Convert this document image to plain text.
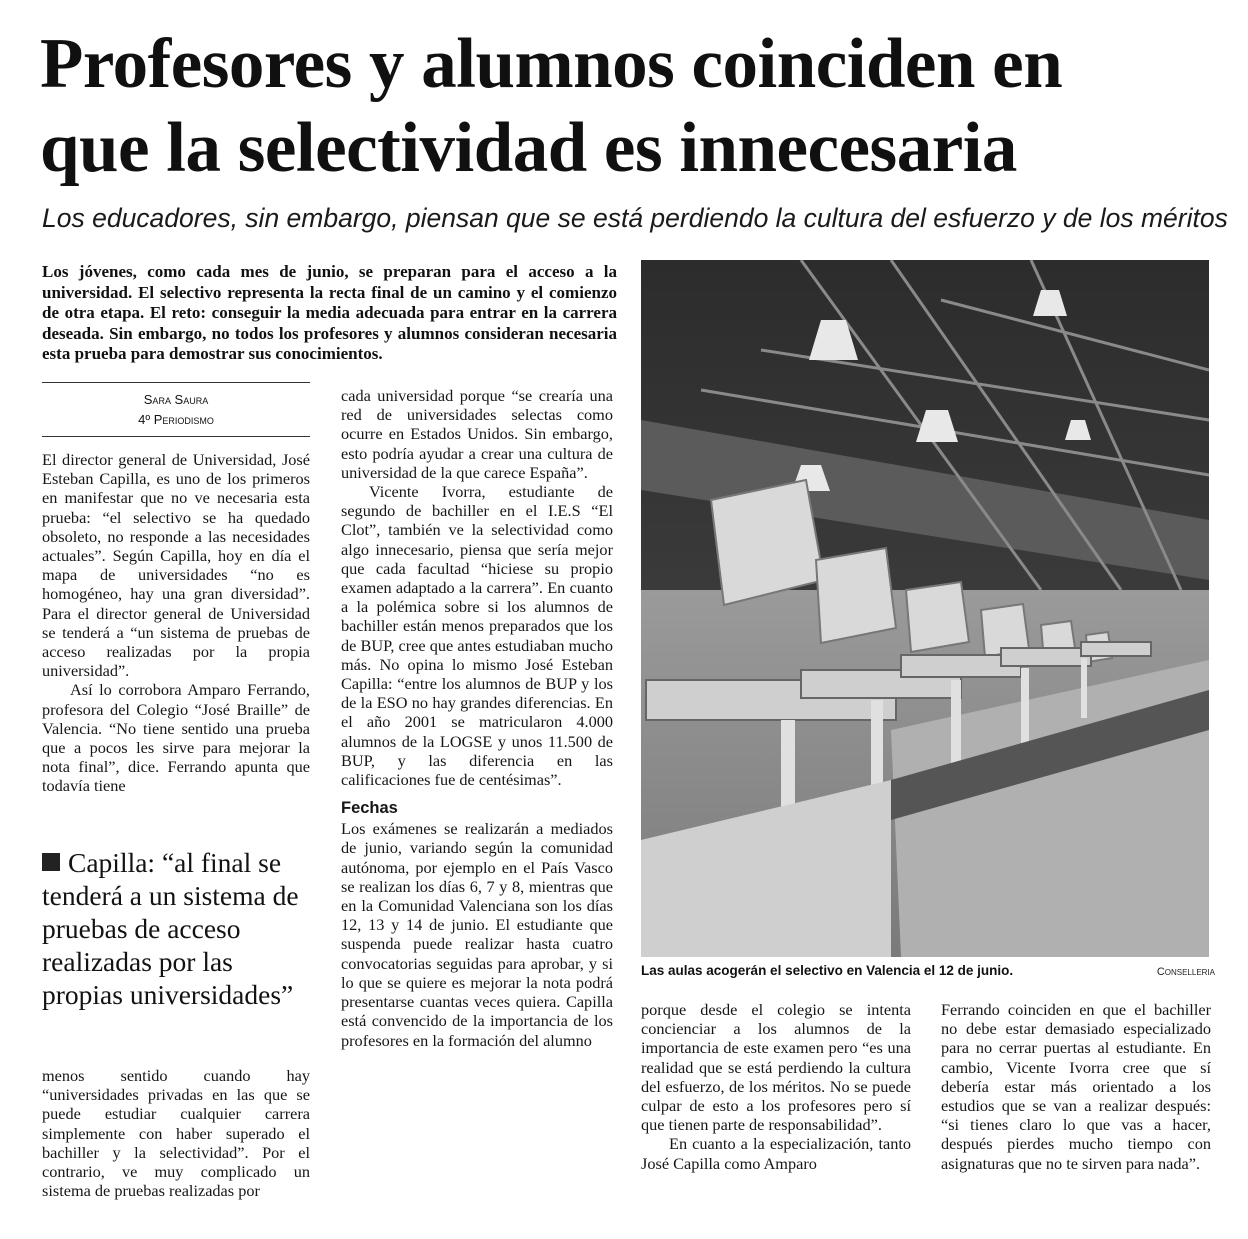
Profesores y alumnos coinciden en
que la selectividad es innecesaria

Los educadores, sin embargo, piensan que se está perdiendo la cultura del esfuerzo y de los méritos

Los jóvenes, como cada mes de junio, se preparan para el acceso a la universidad. El selectivo representa la recta final de un camino y el comienzo de otra etapa. El reto: conseguir la media adecuada para entrar en la carrera deseada. Sin embargo, no todos los profesores y alumnos consideran necesaria esta prueba para demostrar sus conocimientos.

Sara Saura
4º Periodismo

El director general de Universidad, José Esteban Capilla, es uno de los primeros en manifestar que no ve necesaria esta prueba: “el selectivo se ha quedado obsoleto, no responde a las necesidades actuales”. Según Capilla, hoy en día el mapa de universidades “no es homogéneo, hay una gran diversidad”. Para el director general de Universidad se tenderá a “un sistema de pruebas de acceso realizadas por la propia universidad”.

Así lo corrobora Amparo Ferrando, profesora del Colegio “José Braille” de Valencia. “No tiene sentido una prueba que a pocos les sirve para mejorar la nota final”, dice. Ferrando apunta que todavía tiene

Capilla: “al final se tenderá a un sistema de pruebas de acceso realizadas por las propias universidades”

menos sentido cuando hay “universidades privadas en las que se puede estudiar cualquier carrera simplemente con haber superado el bachiller y la selectividad”. Por el contrario, ve muy complicado un sistema de pruebas realizadas por

cada universidad porque “se crearía una red de universidades selectas como ocurre en Estados Unidos. Sin embargo, esto podría ayudar a crear una cultura de universidad de la que carece España”.

Vicente Ivorra, estudiante de segundo de bachiller en el I.E.S “El Clot”, también ve la selectividad como algo innecesario, piensa que sería mejor que cada facultad “hiciese su propio examen adaptado a la carrera”. En cuanto a la polémica sobre si los alumnos de bachiller están menos preparados que los de BUP, cree que antes estudiaban mucho más. No opina lo mismo José Esteban Capilla: “entre los alumnos de BUP y los de la ESO no hay grandes diferencias. En el año 2001 se matricularon 4.000 alumnos de la LOGSE y unos 11.500 de BUP, y las diferencia en las calificaciones fue de centésimas”.

Fechas

Los exámenes se realizarán a mediados de junio, variando según la comunidad autónoma, por ejemplo en el País Vasco se realizan los días 6, 7 y 8, mientras que en la Comunidad Valenciana son los días 12, 13 y 14 de junio. El estudiante que suspenda puede realizar hasta cuatro convocatorias seguidas para aprobar, y si lo que se quiere es mejorar la nota podrá presentarse cuantas veces quiera. Capilla está convencido de la importancia de los profesores en la formación del alumno

Las aulas acogerán el selectivo en Valencia el 12 de junio.	Conselleria

porque desde el colegio se intenta concienciar a los alumnos de la importancia de este examen pero “es una realidad que se está perdiendo la cultura del esfuerzo, de los méritos. No se puede culpar de esto a los profesores pero sí que tienen parte de responsabilidad”.

En cuanto a la especialización, tanto José Capilla como Amparo

Ferrando coinciden en que el bachiller no debe estar demasiado especializado para no cerrar puertas al estudiante. En cambio, Vicente Ivorra cree que sí debería estar más orientado a los estudios que se van a realizar después: “si tienes claro lo que vas a hacer, después pierdes mucho tiempo con asignaturas que no te sirven para nada”.
